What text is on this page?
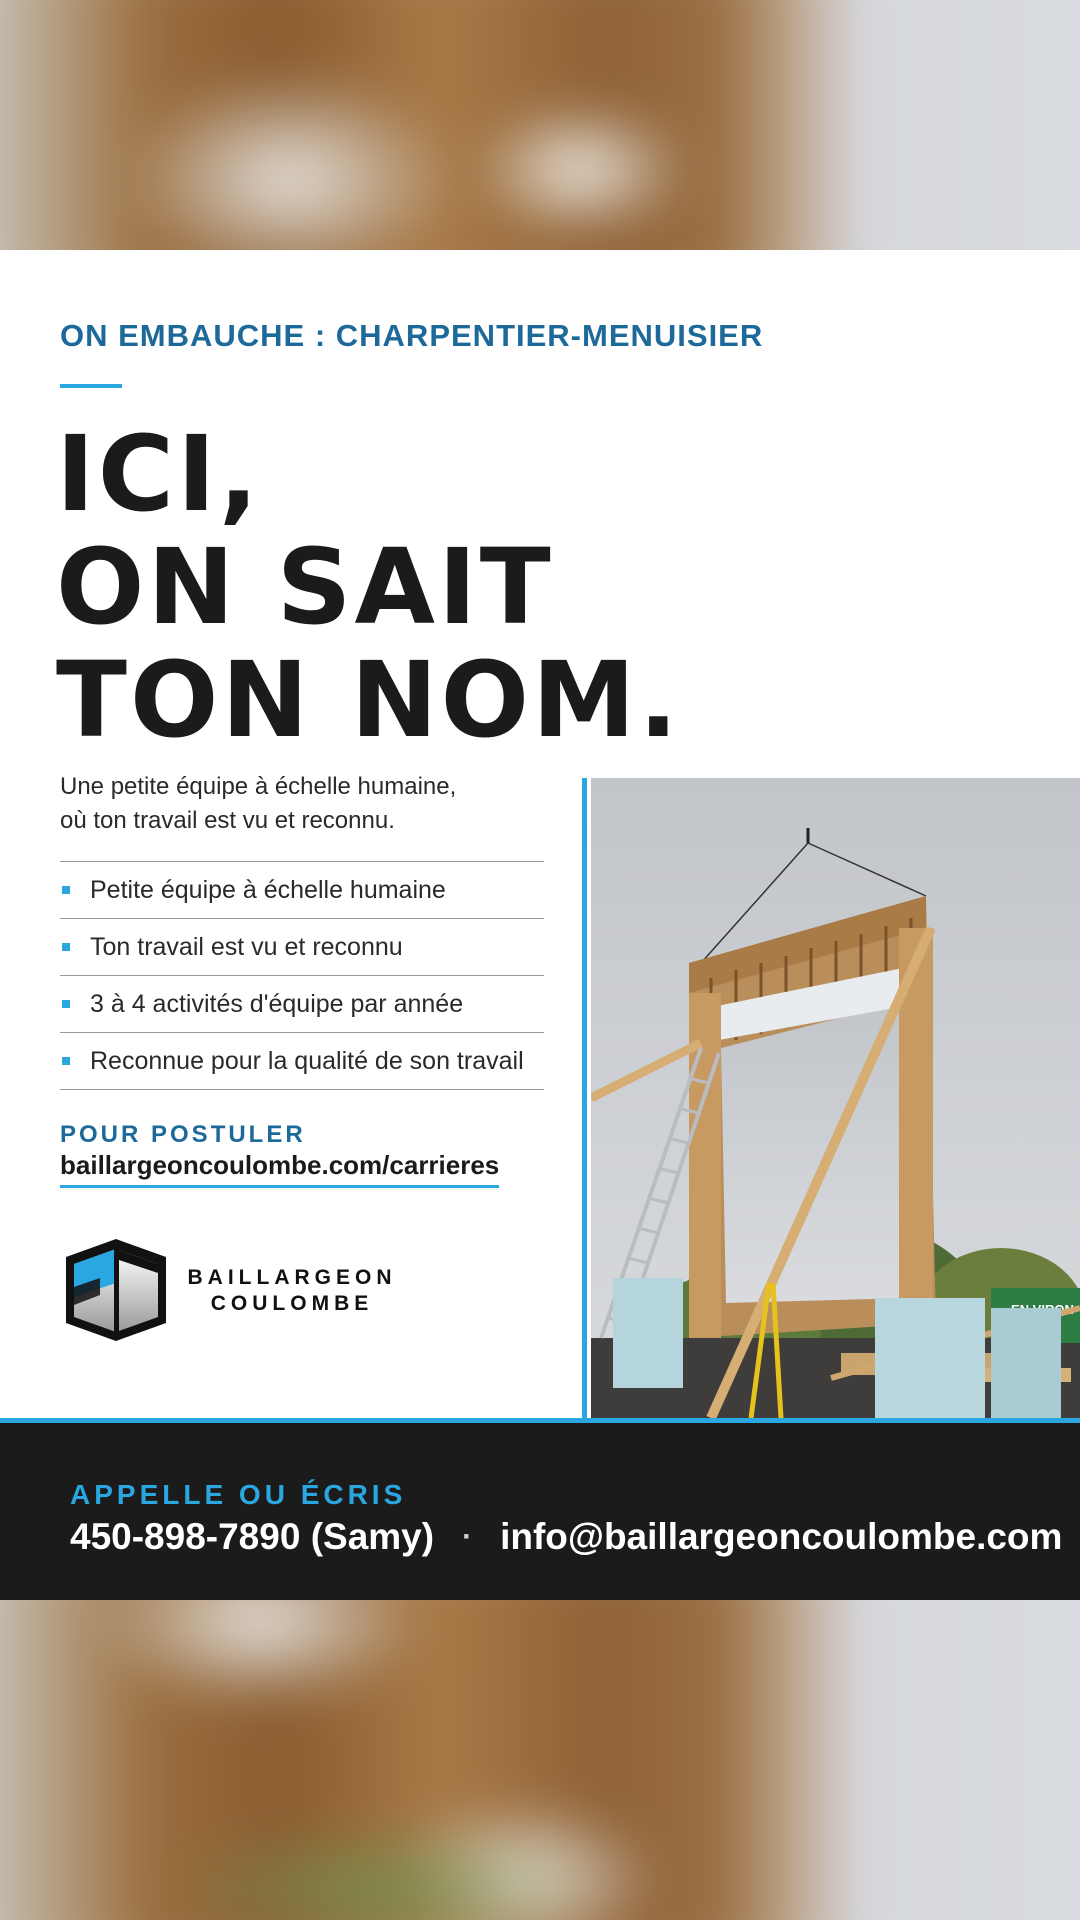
ON EMBAUCHE : CHARPENTIER-MENUISIER
ICI,
ON SAIT
TON NOM.
Une petite équipe à échelle humaine,
où ton travail est vu et reconnu.
Petite équipe à échelle humaine
Ton travail est vu et reconnu
3 à 4 activités d'équipe par année
Reconnue pour la qualité de son travail
POUR POSTULER
baillargeoncoulombe.com/carrieres
BAILLARGEON
COULOMBE
APPELLE OU ÉCRIS
450-898-7890 (Samy) · info@baillargeoncoulombe.com
